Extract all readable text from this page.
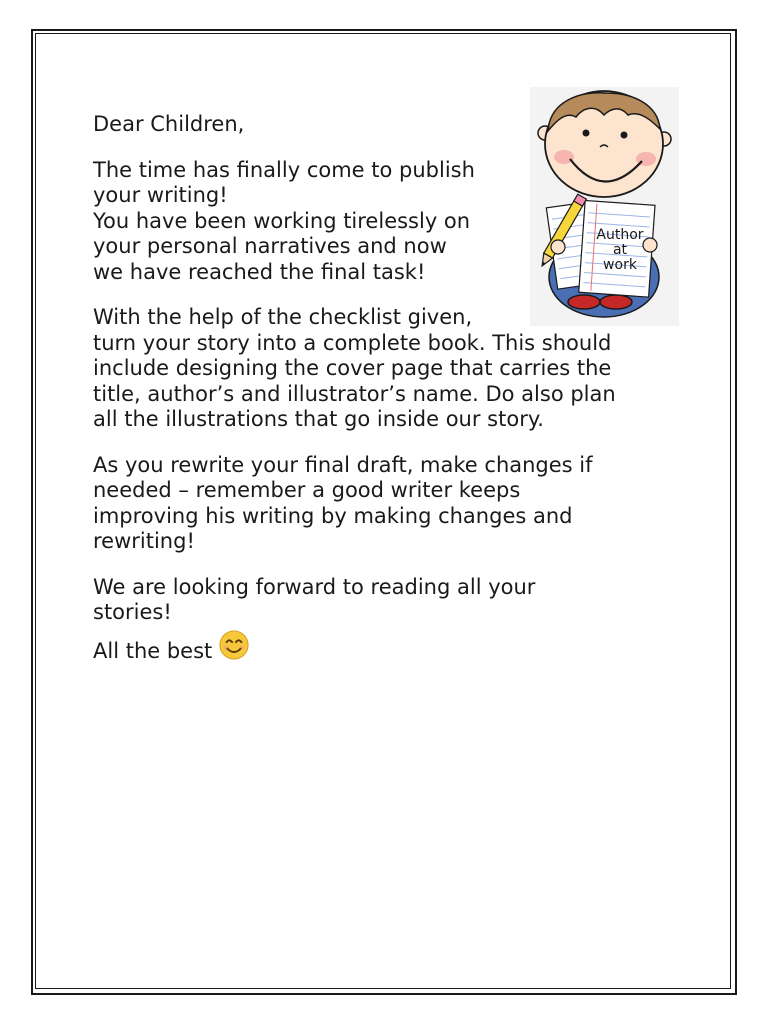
Author
at
work

Dear Children,

The time has finally come to publish
your writing!
You have been working tirelessly on
your personal narratives and now
we have reached the final task!

With the help of the checklist given,
turn your story into a complete book. This should
include designing the cover page that carries the
title, author’s and illustrator’s name. Do also plan
all the illustrations that go inside our story.

As you rewrite your final draft, make changes if
needed – remember a good writer keeps
improving his writing by making changes and
rewriting!

We are looking forward to reading all your
stories!
All the best
